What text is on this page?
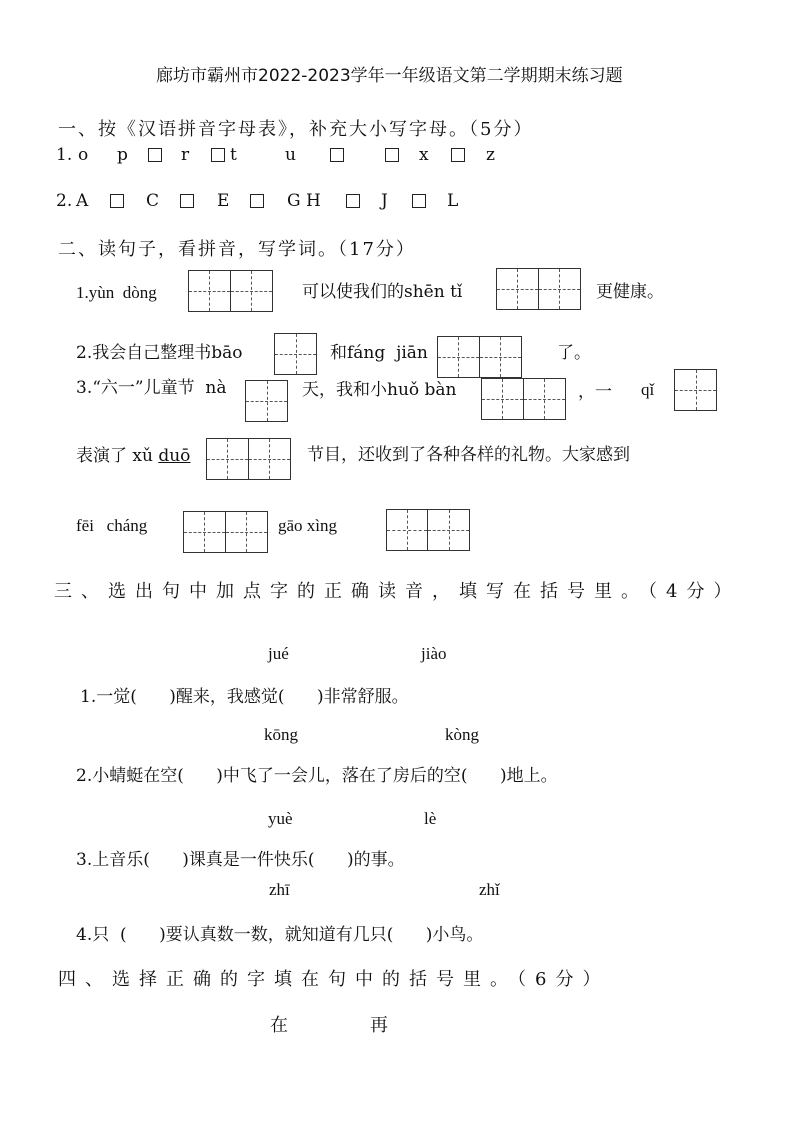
廊坊市霸州市2022-2023学年一年级语文第二学期期末练习题
一、按《汉语拼音字母表》，补充大小写字母。（5分）
1. o p	r t	u	x	z
2. A	C	E	G H	J	L
二、读句子，看拼音，写学词。（17分）
1.yùn  dòng	可以使我们的shēn tǐ	更健康。
2.我会自己整理书bāo	和fáng  jiān	了。
3.“六一”儿童节  nà	天，我和小huǒ bàn	，一 qǐ
表演了 xǔ duō	节目，还收到了各种各样的礼物。大家感到
fēi   cháng	gāo xìng
三、选出句中加点字的正确读音，填写在括号里。（4分）
jué	jiào
1.一觉(      )醒来，我感觉(      )非常舒服。
kōng	kòng
2.小蜻蜓在空(      )中飞了一会儿，落在了房后的空(      )地上。
yuè	lè
3.上音乐(      )课真是一件快乐(      )的事。
zhī	zhǐ
4.只  (      )要认真数一数，就知道有几只(      )小鸟。
四、选择正确的字填在句中的括号里。（6分）
在	再
